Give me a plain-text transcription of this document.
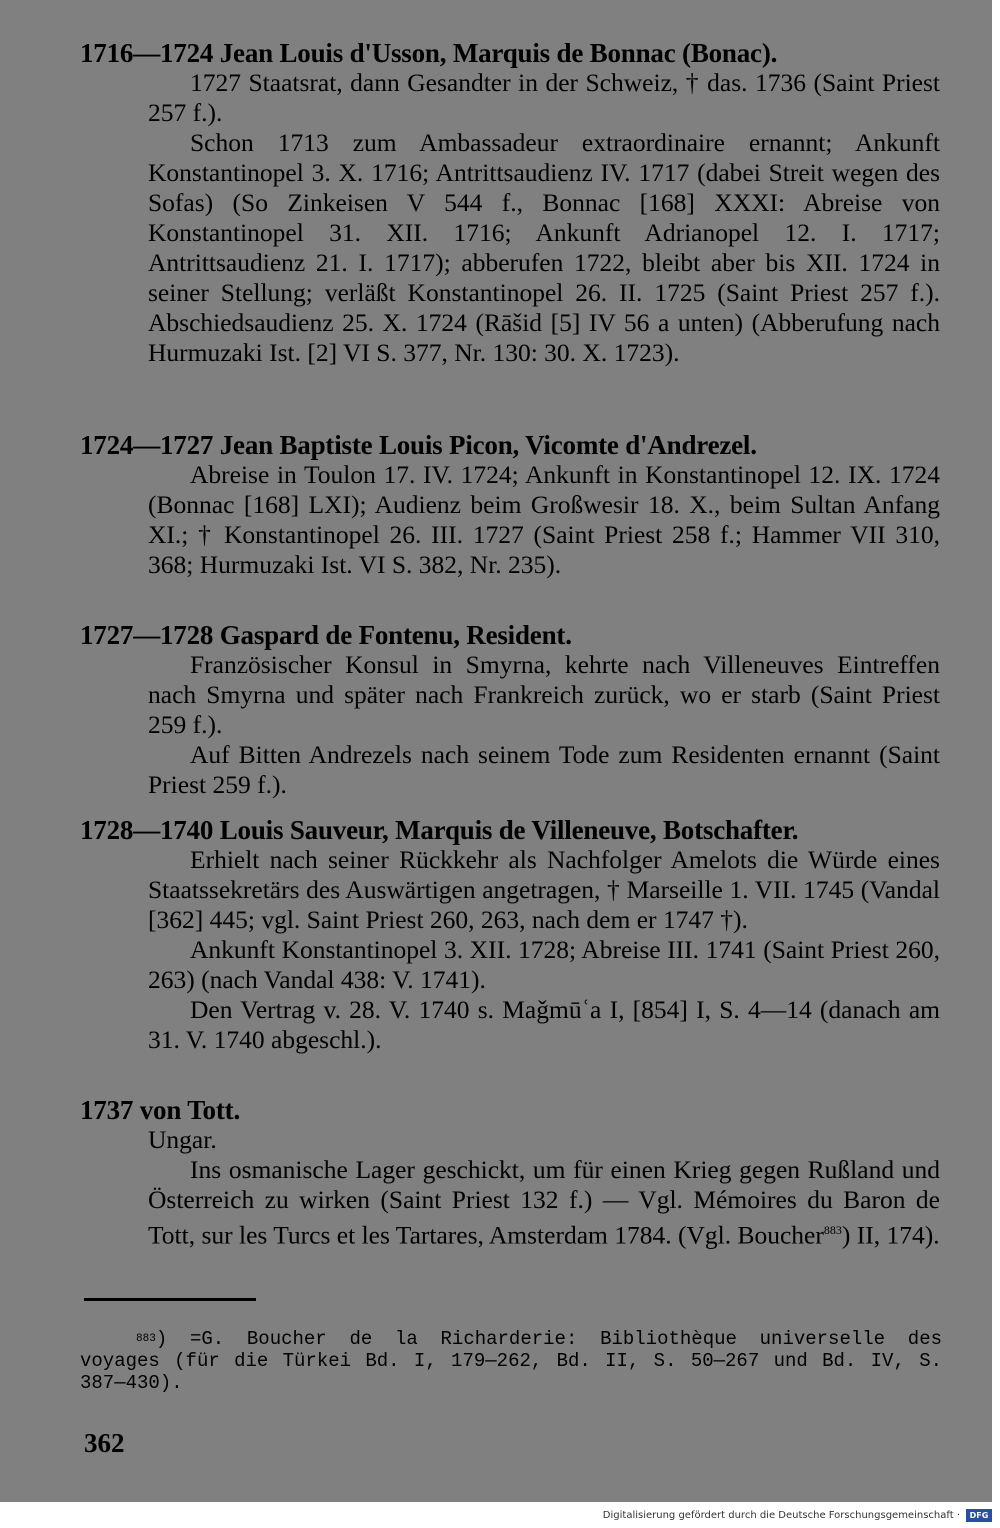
1716—1724 Jean Louis d'Usson, Marquis de Bonnac (Bonac).
1727 Staatsrat, dann Gesandter in der Schweiz, † das. 1736 (Saint Priest 257 f.).
Schon 1713 zum Ambassadeur extraordinaire ernannt; Ankunft Konstantinopel 3. X. 1716; Antrittsaudienz IV. 1717 (dabei Streit wegen des Sofas) (So Zinkeisen V 544 f., Bonnac [168] XXXI: Abreise von Konstantinopel 31. XII. 1716; Ankunft Adrianopel 12. I. 1717; Antrittsaudienz 21. I. 1717); abberufen 1722, bleibt aber bis XII. 1724 in seiner Stellung; verläßt Konstantinopel 26. II. 1725 (Saint Priest 257 f.). Abschiedsaudienz 25. X. 1724 (Rāšid [5] IV 56 a unten) (Abberufung nach Hurmuzaki Ist. [2] VI S. 377, Nr. 130: 30. X. 1723).
1724—1727 Jean Baptiste Louis Picon, Vicomte d'Andrezel.
Abreise in Toulon 17. IV. 1724; Ankunft in Konstantinopel 12. IX. 1724 (Bonnac [168] LXI); Audienz beim Großwesir 18. X., beim Sultan Anfang XI.; † Konstantinopel 26. III. 1727 (Saint Priest 258 f.; Hammer VII 310, 368; Hurmuzaki Ist. VI S. 382, Nr. 235).
1727—1728 Gaspard de Fontenu, Resident.
Französischer Konsul in Smyrna, kehrte nach Villeneuves Eintreffen nach Smyrna und später nach Frankreich zurück, wo er starb (Saint Priest 259 f.).
Auf Bitten Andrezels nach seinem Tode zum Residenten ernannt (Saint Priest 259 f.).
1728—1740 Louis Sauveur, Marquis de Villeneuve, Botschafter.
Erhielt nach seiner Rückkehr als Nachfolger Amelots die Würde eines Staatssekretärs des Auswärtigen angetragen, † Marseille 1. VII. 1745 (Vandal [362] 445; vgl. Saint Priest 260, 263, nach dem er 1747 †).
Ankunft Konstantinopel 3. XII. 1728; Abreise III. 1741 (Saint Priest 260, 263) (nach Vandal 438: V. 1741).
Den Vertrag v. 28. V. 1740 s. Maǧmūʿa I, [854] I, S. 4—14 (danach am 31. V. 1740 abgeschl.).
1737 von Tott.
Ungar.
Ins osmanische Lager geschickt, um für einen Krieg gegen Rußland und Österreich zu wirken (Saint Priest 132 f.) — Vgl. Mémoires du Baron de Tott, sur les Turcs et les Tartares, Amsterdam 1784. (Vgl. Boucher$^{883}$) II, 174).
$^{883}$) =G. Boucher de la Richarderie: Bibliothèque universelle des voyages (für die Türkei Bd. I, 179—262, Bd. II, S. 50—267 und Bd. IV, S. 387—430).
362
Digitalisierung gefördert durch die Deutsche Forschungsgemeinschaft ·	DFG
